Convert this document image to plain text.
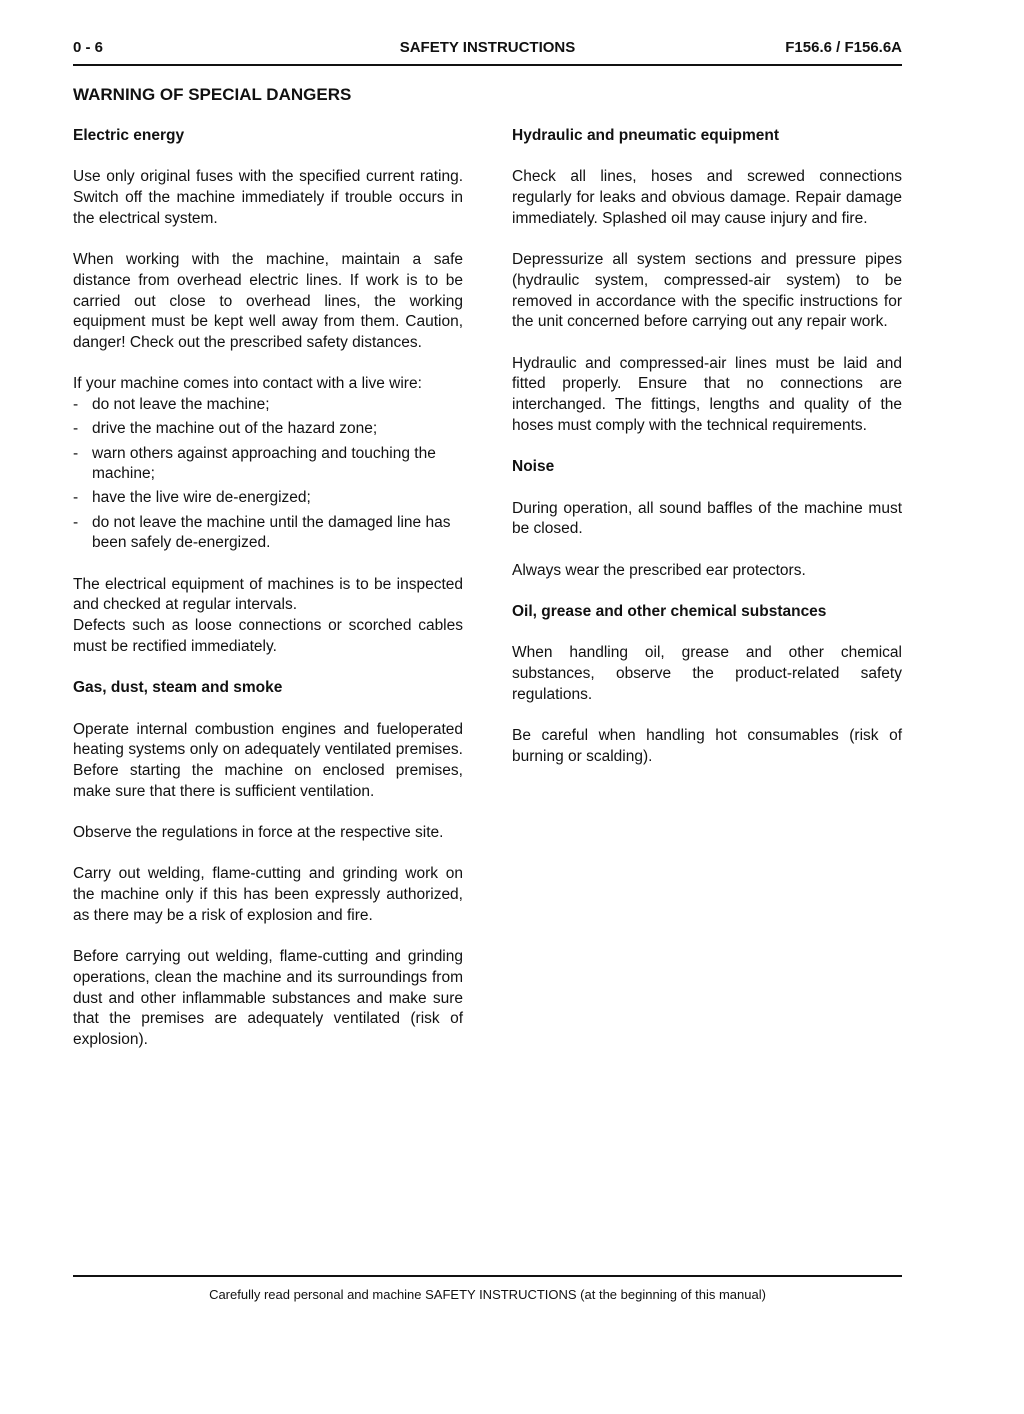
0 - 6	SAFETY INSTRUCTIONS	F156.6 / F156.6A
WARNING OF SPECIAL DANGERS
Electric energy

Use only original fuses with the specified current rating. Switch off the machine immediately if trouble occurs in the electrical system.

When working with the machine, maintain a safe distance from overhead electric lines. If work is to be carried out close to overhead lines, the working equipment must be kept well away from them. Caution, danger! Check out the prescribed safety distances.

If your machine comes into contact with a live wire:

- do not leave the machine;
- drive the machine out of the hazard zone;
- warn others against approaching and touching the machine;
- have the live wire de-energized;
- do not leave the machine until the damaged line has been safely de-energized.

The electrical equipment of machines is to be inspected and checked at regular intervals.

Defects such as loose connections or scorched cables must be rectified immediately.

Gas, dust, steam and smoke

Operate internal combustion engines and fueloperated heating systems only on adequately ventilated premises. Before starting the machine on enclosed premises, make sure that there is sufficient ventilation.

Observe the regulations in force at the respective site.

Carry out welding, flame-cutting and grinding work on the machine only if this has been expressly authorized, as there may be a risk of explosion and fire.

Before carrying out welding, flame-cutting and grinding operations, clean the machine and its surroundings from dust and other inflammable substances and make sure that the premises are adequately ventilated (risk of explosion).

Hydraulic and pneumatic equipment

Check all lines, hoses and screwed connections regularly for leaks and obvious damage. Repair damage immediately. Splashed oil may cause injury and fire.

Depressurize all system sections and pressure pipes (hydraulic system, compressed-air system) to be removed in accordance with the specific instructions for the unit concerned before carrying out any repair work.

Hydraulic and compressed-air lines must be laid and fitted properly. Ensure that no connections are interchanged. The fittings, lengths and quality of the hoses must comply with the technical requirements.

Noise

During operation, all sound baffles of the machine must be closed.

Always wear the prescribed ear protectors.

Oil, grease and other chemical substances

When handling oil, grease and other chemical substances, observe the product-related safety regulations.

Be careful when handling hot consumables (risk of burning or scalding).

Carefully read personal and machine SAFETY INSTRUCTIONS (at the beginning of this manual)
